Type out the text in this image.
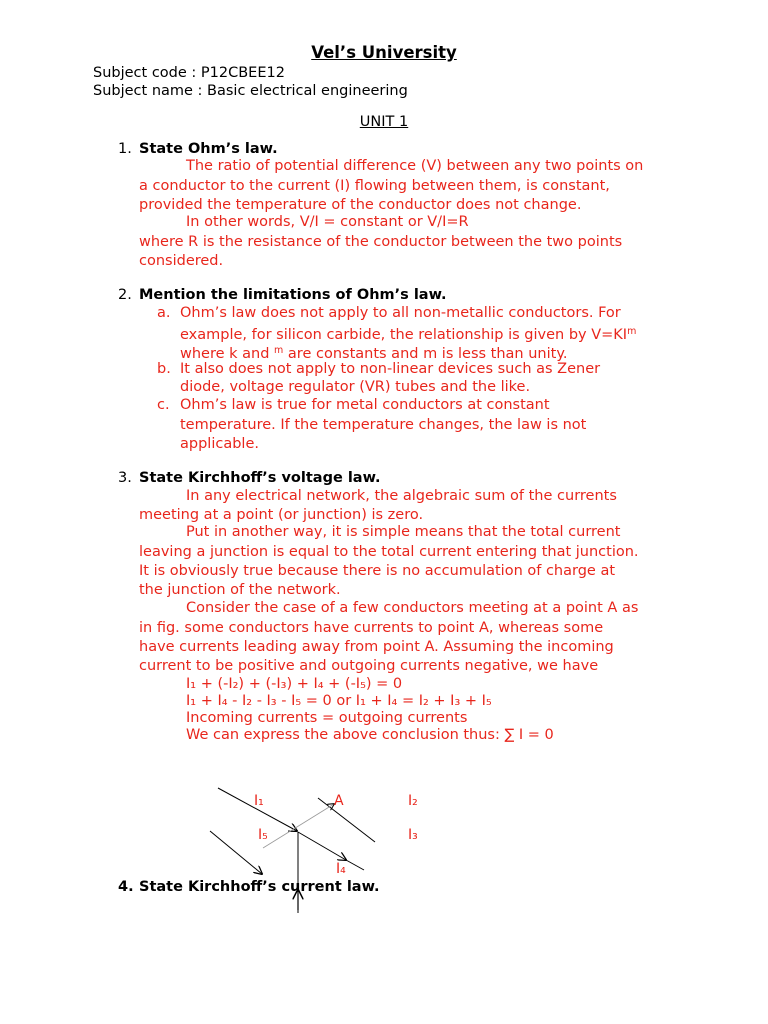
Vel’s University
Subject code : P12CBEE12
Subject name : Basic electrical engineering
UNIT 1
1. State Ohm’s law.
The ratio of potential difference (V) between any two points on
a conductor to the current (I) flowing between them, is constant,
provided the temperature of the conductor does not change.
In other words, V/I = constant or V/I=R
where R is the resistance of the conductor between the two points
considered.
2. Mention the limitations of Ohm’s law.
a. Ohm’s law does not apply to all non-metallic conductors. For
example, for silicon carbide, the relationship is given by $V=KI^m$
where k and $^m$ are constants and m is less than unity.
b. It also does not apply to non-linear devices such as Zener
diode, voltage regulator (VR) tubes and the like.
c. Ohm’s law is true for metal conductors at constant
temperature. If the temperature changes, the law is not
applicable.
3. State Kirchhoff’s voltage law.
In any electrical network, the algebraic sum of the currents
meeting at a point (or junction) is zero.
Put in another way, it is simple means that the total current
leaving a junction is equal to the total current entering that junction.
It is obviously true because there is no accumulation of charge at
the junction of the network.
Consider the case of a few conductors meeting at a point A as
in fig. some conductors have currents to point A, whereas some
have currents leading away from point A. Assuming the incoming
current to be positive and outgoing currents negative, we have
I₁ + (-I₂) + (-I₃) + I₄ + (-I₅) = 0
I₁ + I₄ - I₂ - I₃ - I₅ = 0 or I₁ + I₄ = I₂ + I₃ + I₅
Incoming currents = outgoing currents
We can express the above conclusion thus: ∑ I = 0
I₁	A	I₂
I₅	I₃
I₄
4. State Kirchhoff’s current law.
